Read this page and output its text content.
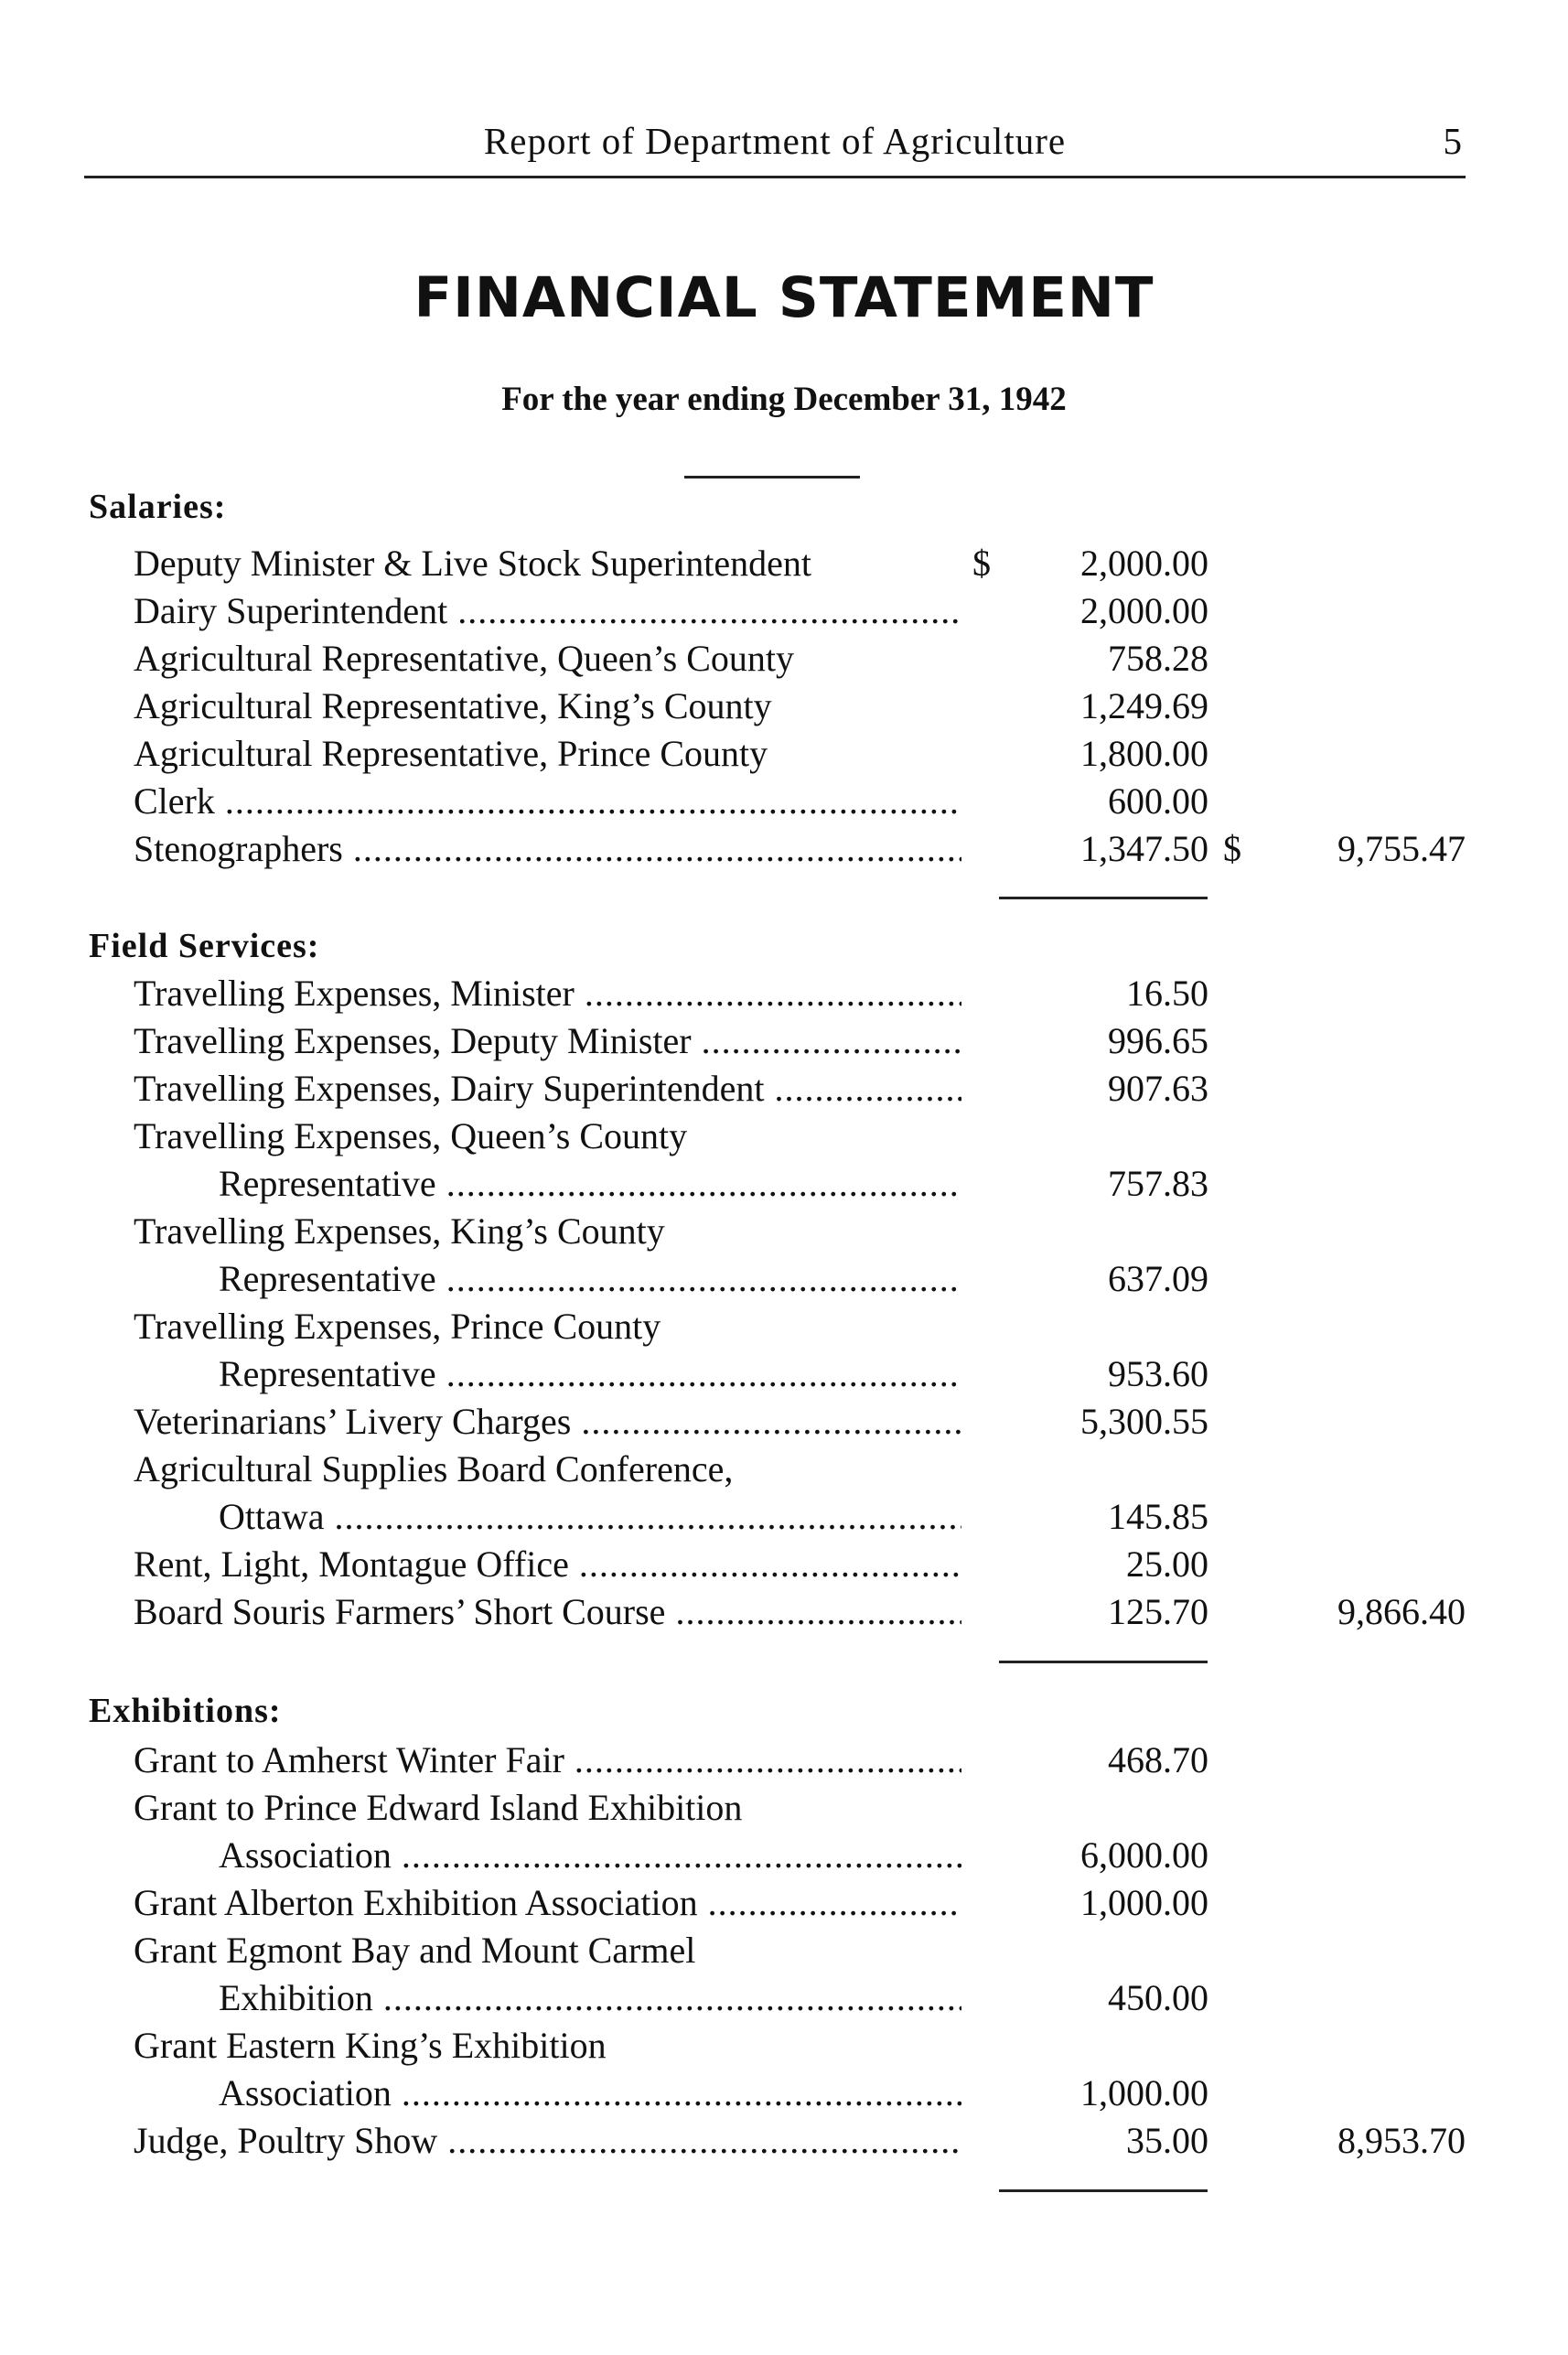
Report of Department of Agriculture	5
FINANCIAL STATEMENT
For the year ending December 31, 1942
Salaries:
Deputy Minister & Live Stock Superintendent	$ 2,000.00
Dairy Superintendent .....	2,000.00
Agricultural Representative, Queen’s County	758.28
Agricultural Representative, King’s County	1,249.69
Agricultural Representative, Prince County	1,800.00
Clerk .....	600.00
Stenographers .....	1,347.50 $	9,755.47
Field Services:
Travelling Expenses, Minister .....	16.50
Travelling Expenses, Deputy Minister .....	996.65
Travelling Expenses, Dairy Superintendent .....	907.63
Travelling Expenses, Queen’s County
Representative .....	757.83
Travelling Expenses, King’s County
Representative .....	637.09
Travelling Expenses, Prince County
Representative .....	953.60
Veterinarians’ Livery Charges .....	5,300.55
Agricultural Supplies Board Conference,
Ottawa .....	145.85
Rent, Light, Montague Office .....	25.00
Board Souris Farmers’ Short Course .....	125.70	9,866.40
Exhibitions:
Grant to Amherst Winter Fair .....	468.70
Grant to Prince Edward Island Exhibition
Association .....	6,000.00
Grant Alberton Exhibition Association .....	1,000.00
Grant Egmont Bay and Mount Carmel
Exhibition .....	450.00
Grant Eastern King’s Exhibition
Association .....	1,000.00
Judge, Poultry Show .....	35.00	8,953.70
